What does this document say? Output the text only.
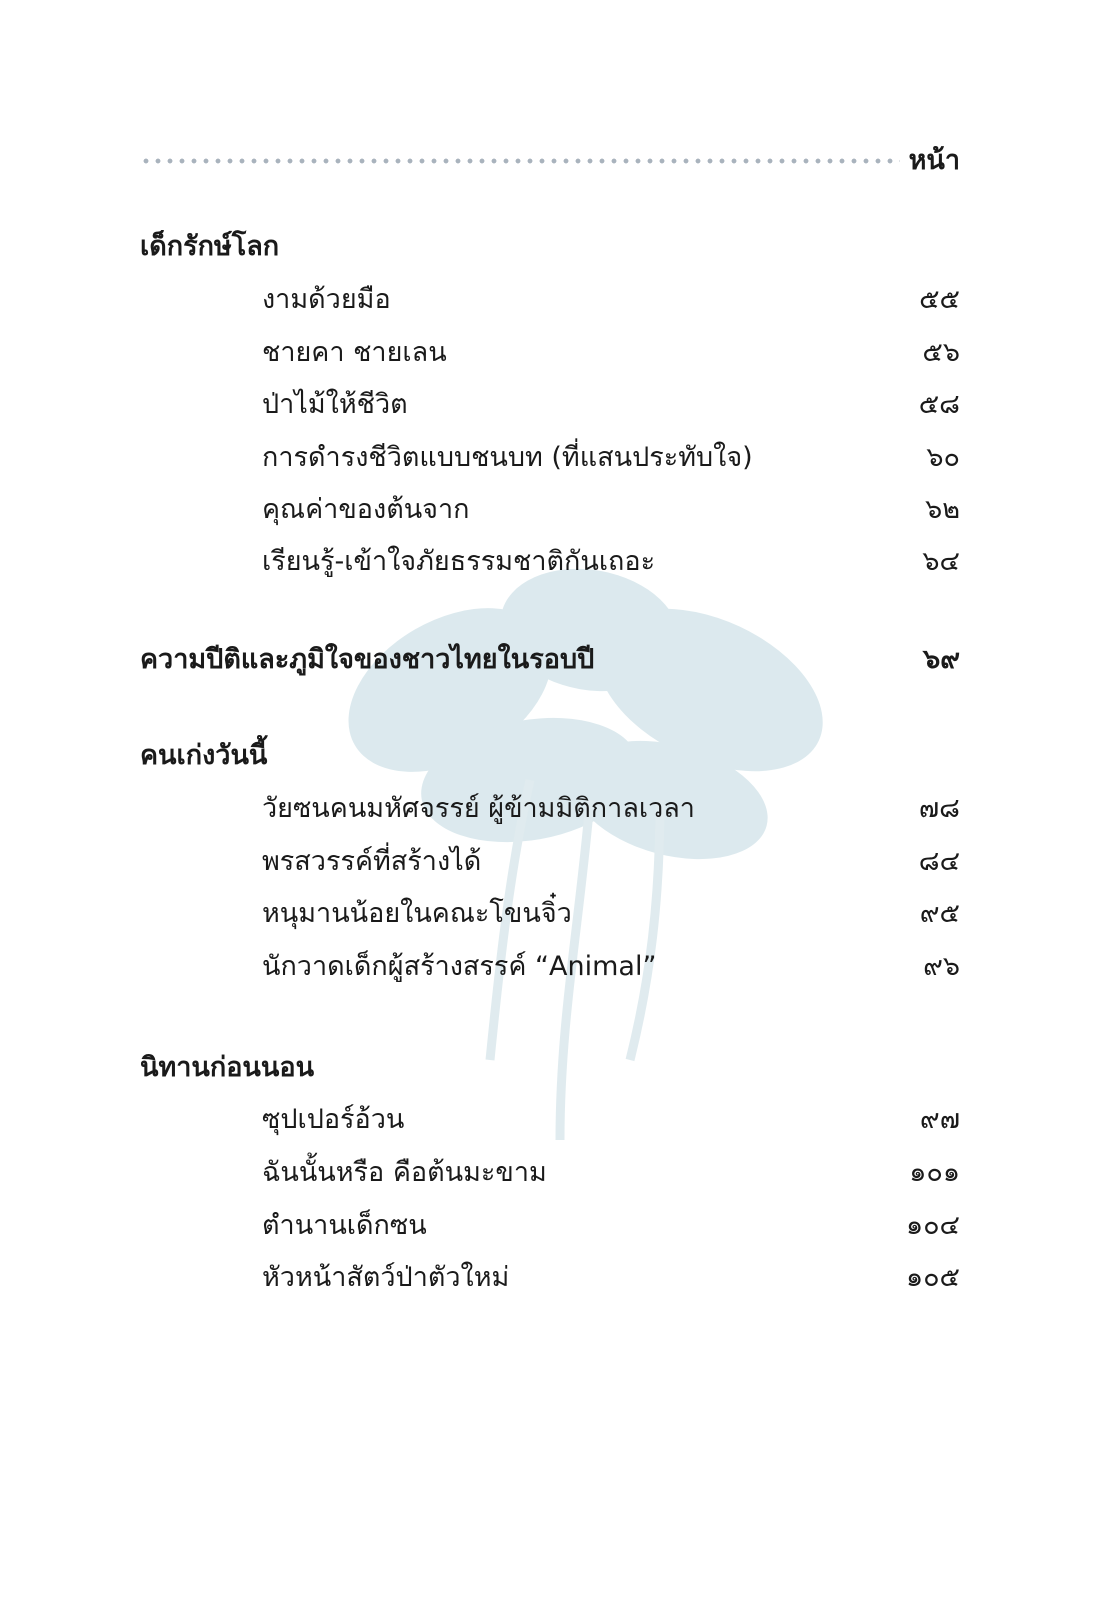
หน้า
เด็กรักษ์โลก
งามด้วยมือ	๕๕
ชายคา ชายเลน	๕๖
ป่าไม้ให้ชีวิต	๕๘
การดำรงชีวิตแบบชนบท (ที่แสนประทับใจ)	๖๐
คุณค่าของต้นจาก	๖๒
เรียนรู้-เข้าใจภัยธรรมชาติกันเถอะ	๖๔
ความปีติและภูมิใจของชาวไทยในรอบปี	๖๙
คนเก่งวันนี้
วัยซนคนมหัศจรรย์ ผู้ข้ามมิติกาลเวลา	๗๘
พรสวรรค์ที่สร้างได้	๘๔
หนุมานน้อยในคณะโขนจิ๋ว	๙๕
นักวาดเด็กผู้สร้างสรรค์ “Animal”	๙๖
นิทานก่อนนอน
ซุปเปอร์อ้วน	๙๗
ฉันนั้นหรือ คือต้นมะขาม	๑๐๑
ตำนานเด็กซน	๑๐๔
หัวหน้าสัตว์ป่าตัวใหม่	๑๐๕
